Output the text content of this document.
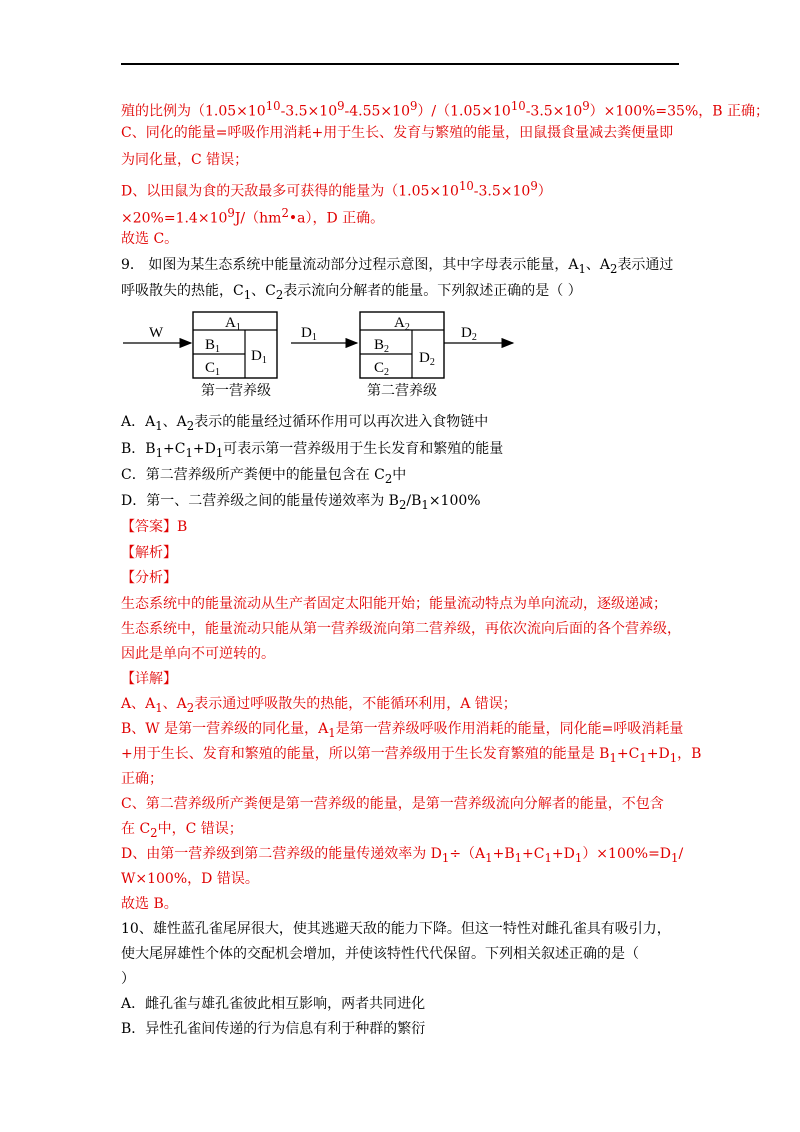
殖的比例为$(1.05\times 10^{10}-3.5\times 10^9-4.55\times 10^9)/(1.05\times 10^{10}-3.5\times 10^9)\times 100\%=35\%$，B 正确；
C、同化的能量=呼吸作用消耗+用于生长、发育与繁殖的能量，田鼠摄食量减去粪便量即
为同化量，C 错误；
D、以田鼠为食的天敌最多可获得的能量为$(1.05\times 10^{10}-3.5\times 10^9)$
$\times 20\%=1.4\times 10^9J/(hm^2•a)$，D 正确。
故选 C。
9． 如图为某生态系统中能量流动部分过程示意图，其中字母表示能量，$A_1$、$A_2$表示通过
呼吸散失的热能，$C_1$、$C_2$表示流向分解者的能量。下列叙述正确的是（ ）
W
$A_1$
$B_1$
$C_1$
$D_1$
第一营养级
$D_1$
$A_2$
$B_2$
$C_2$
$D_2$
第二营养级
$D_2$
A．$A_1$、$A_2$表示的能量经过循环作用可以再次进入食物链中
B．$B_1+C_1+D_1$可表示第一营养级用于生长发育和繁殖的能量
C．第二营养级所产粪便中的能量包含在 $C_2$中
D．第一、二营养级之间的能量传递效率为 $B_2/B_1\times 100\%$
【答案】B
【解析】
【分析】
生态系统中的能量流动从生产者固定太阳能开始；能量流动特点为单向流动，逐级递减；
生态系统中，能量流动只能从第一营养级流向第二营养级，再依次流向后面的各个营养级，
因此是单向不可逆转的。
【详解】
A、$A_1$、$A_2$表示通过呼吸散失的热能，不能循环利用，A 错误；
B、W 是第一营养级的同化量，$A_1$是第一营养级呼吸作用消耗的能量，同化能=呼吸消耗量
+用于生长、发育和繁殖的能量，所以第一营养级用于生长发育繁殖的能量是 $B_1+C_1+D_1$，B
正确；
C、第二营养级所产粪便是第一营养级的能量，是第一营养级流向分解者的能量，不包含
在 $C_2$中，C 错误；
D、由第一营养级到第二营养级的能量传递效率为 $D_1\div(A_1+B_1+C_1+D_1)\times 100\%=D_1/$
W×100%，D 错误。
故选 B。
10、雄性蓝孔雀尾屏很大，使其逃避天敌的能力下降。但这一特性对雌孔雀具有吸引力，
使大尾屏雄性个体的交配机会增加，并使该特性代代保留。下列相关叙述正确的是（
）
A．雌孔雀与雄孔雀彼此相互影响，两者共同进化
B．异性孔雀间传递的行为信息有利于种群的繁衍
